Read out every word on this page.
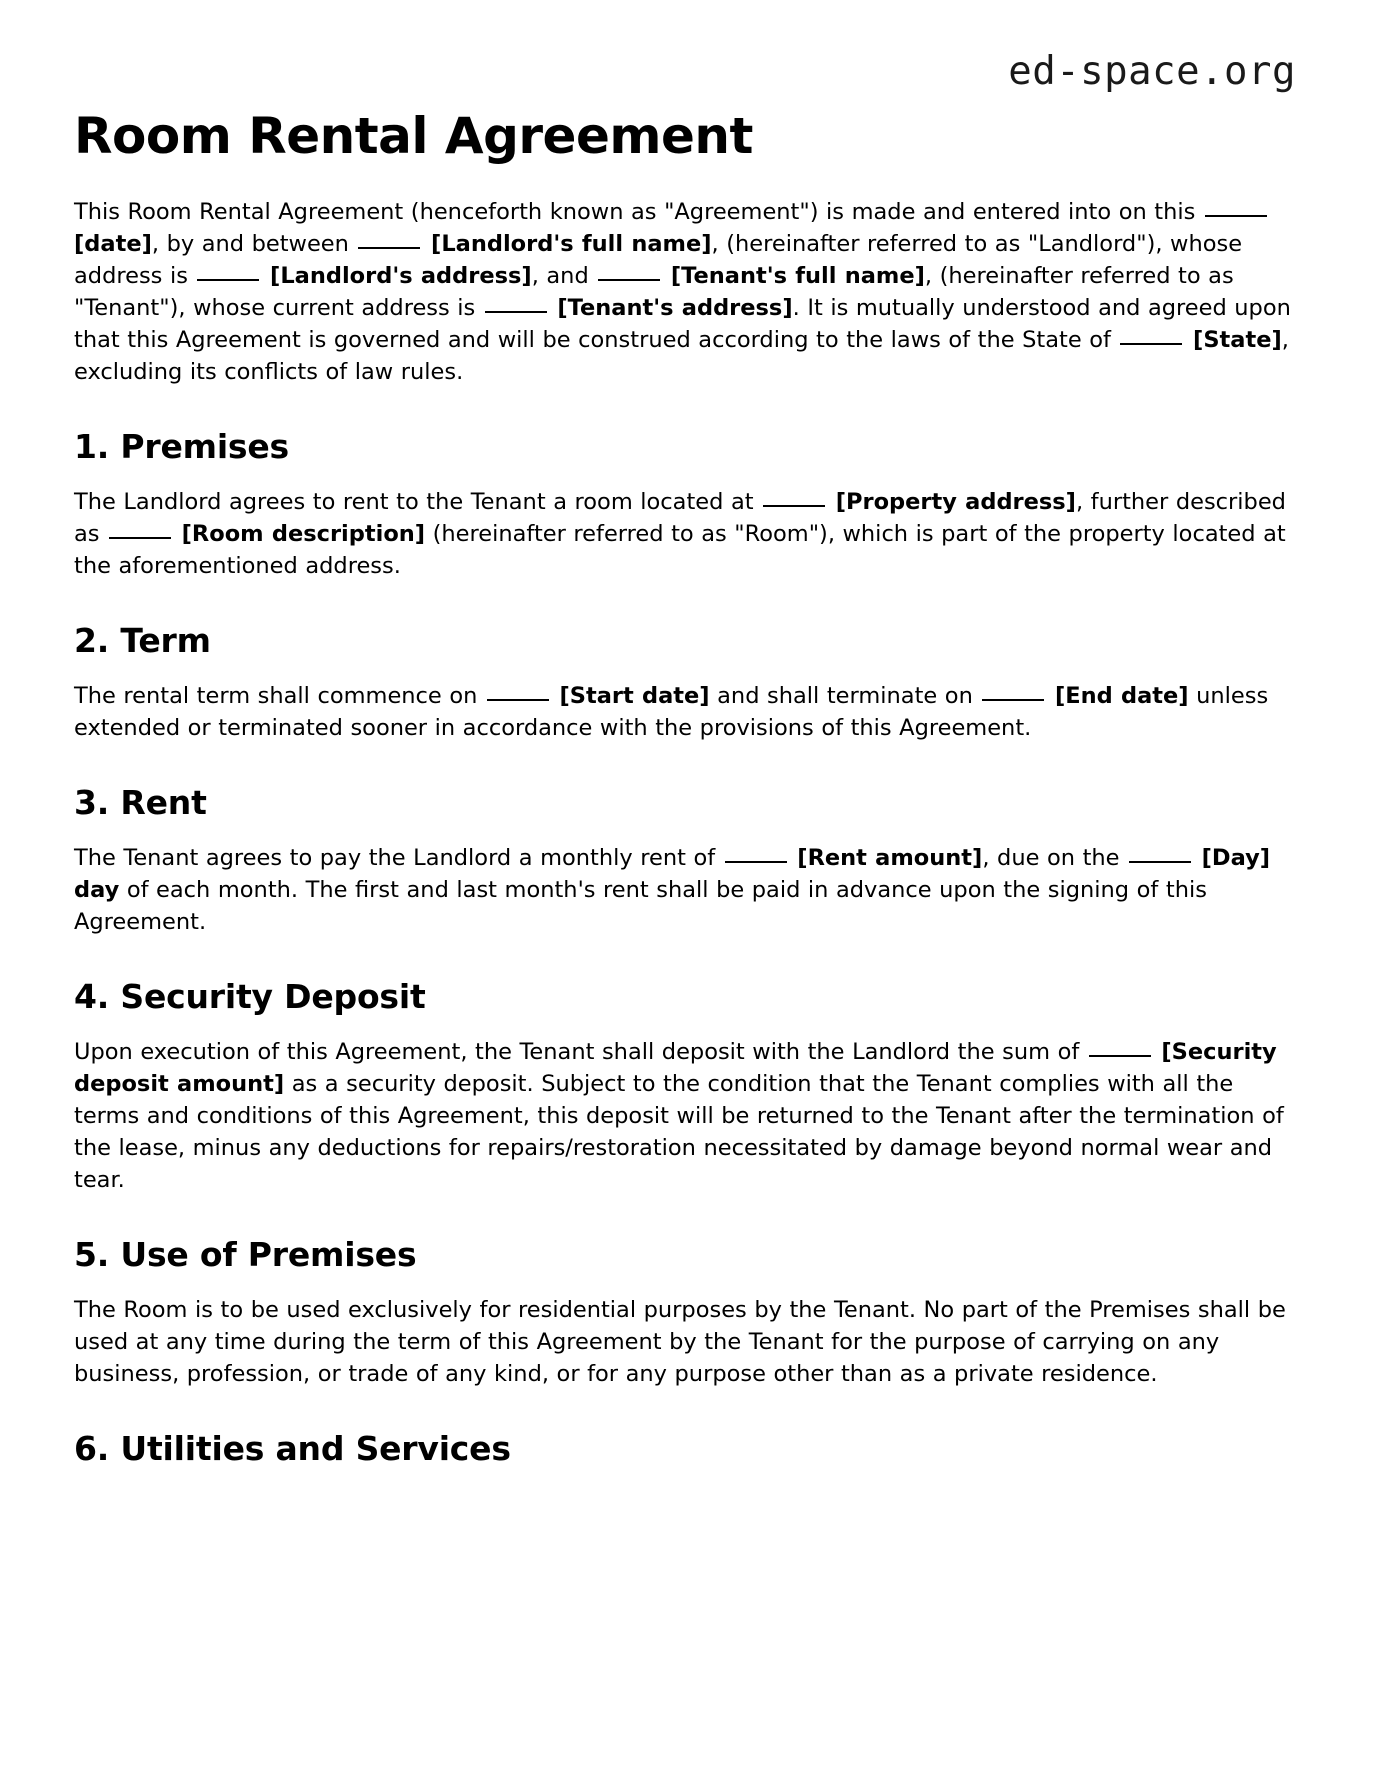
ed-space.org
Room Rental Agreement

This Room Rental Agreement (henceforth known as "Agreement") is made and entered into on this  [date], by and between	[Landlord's full name], (hereinafter referred to as "Landlord"), whose address is	[Landlord's address], and	[Tenant's full name], (hereinafter referred to as "Tenant"), whose current address is	[Tenant's address]. It is mutually understood and agreed upon that this Agreement is governed and will be construed according to the laws of the State of	[State], excluding its conflicts of law rules.

1. Premises

The Landlord agrees to rent to the Tenant a room located at	[Property address], further described as	[Room description] (hereinafter referred to as "Room"), which is part of the property located at the aforementioned address.

2. Term

The rental term shall commence on	[Start date] and shall terminate on	[End date] unless extended or terminated sooner in accordance with the provisions of this Agreement.

3. Rent

The Tenant agrees to pay the Landlord a monthly rent of	[Rent amount], due on the	[Day] day of each month. The first and last month's rent shall be paid in advance upon the signing of this Agreement.

4. Security Deposit

Upon execution of this Agreement, the Tenant shall deposit with the Landlord the sum of	[Security deposit amount] as a security deposit. Subject to the condition that the Tenant complies with all the terms and conditions of this Agreement, this deposit will be returned to the Tenant after the termination of the lease, minus any deductions for repairs/restoration necessitated by damage beyond normal wear and tear.

5. Use of Premises

The Room is to be used exclusively for residential purposes by the Tenant. No part of the Premises shall be used at any time during the term of this Agreement by the Tenant for the purpose of carrying on any business, profession, or trade of any kind, or for any purpose other than as a private residence.

6. Utilities and Services
